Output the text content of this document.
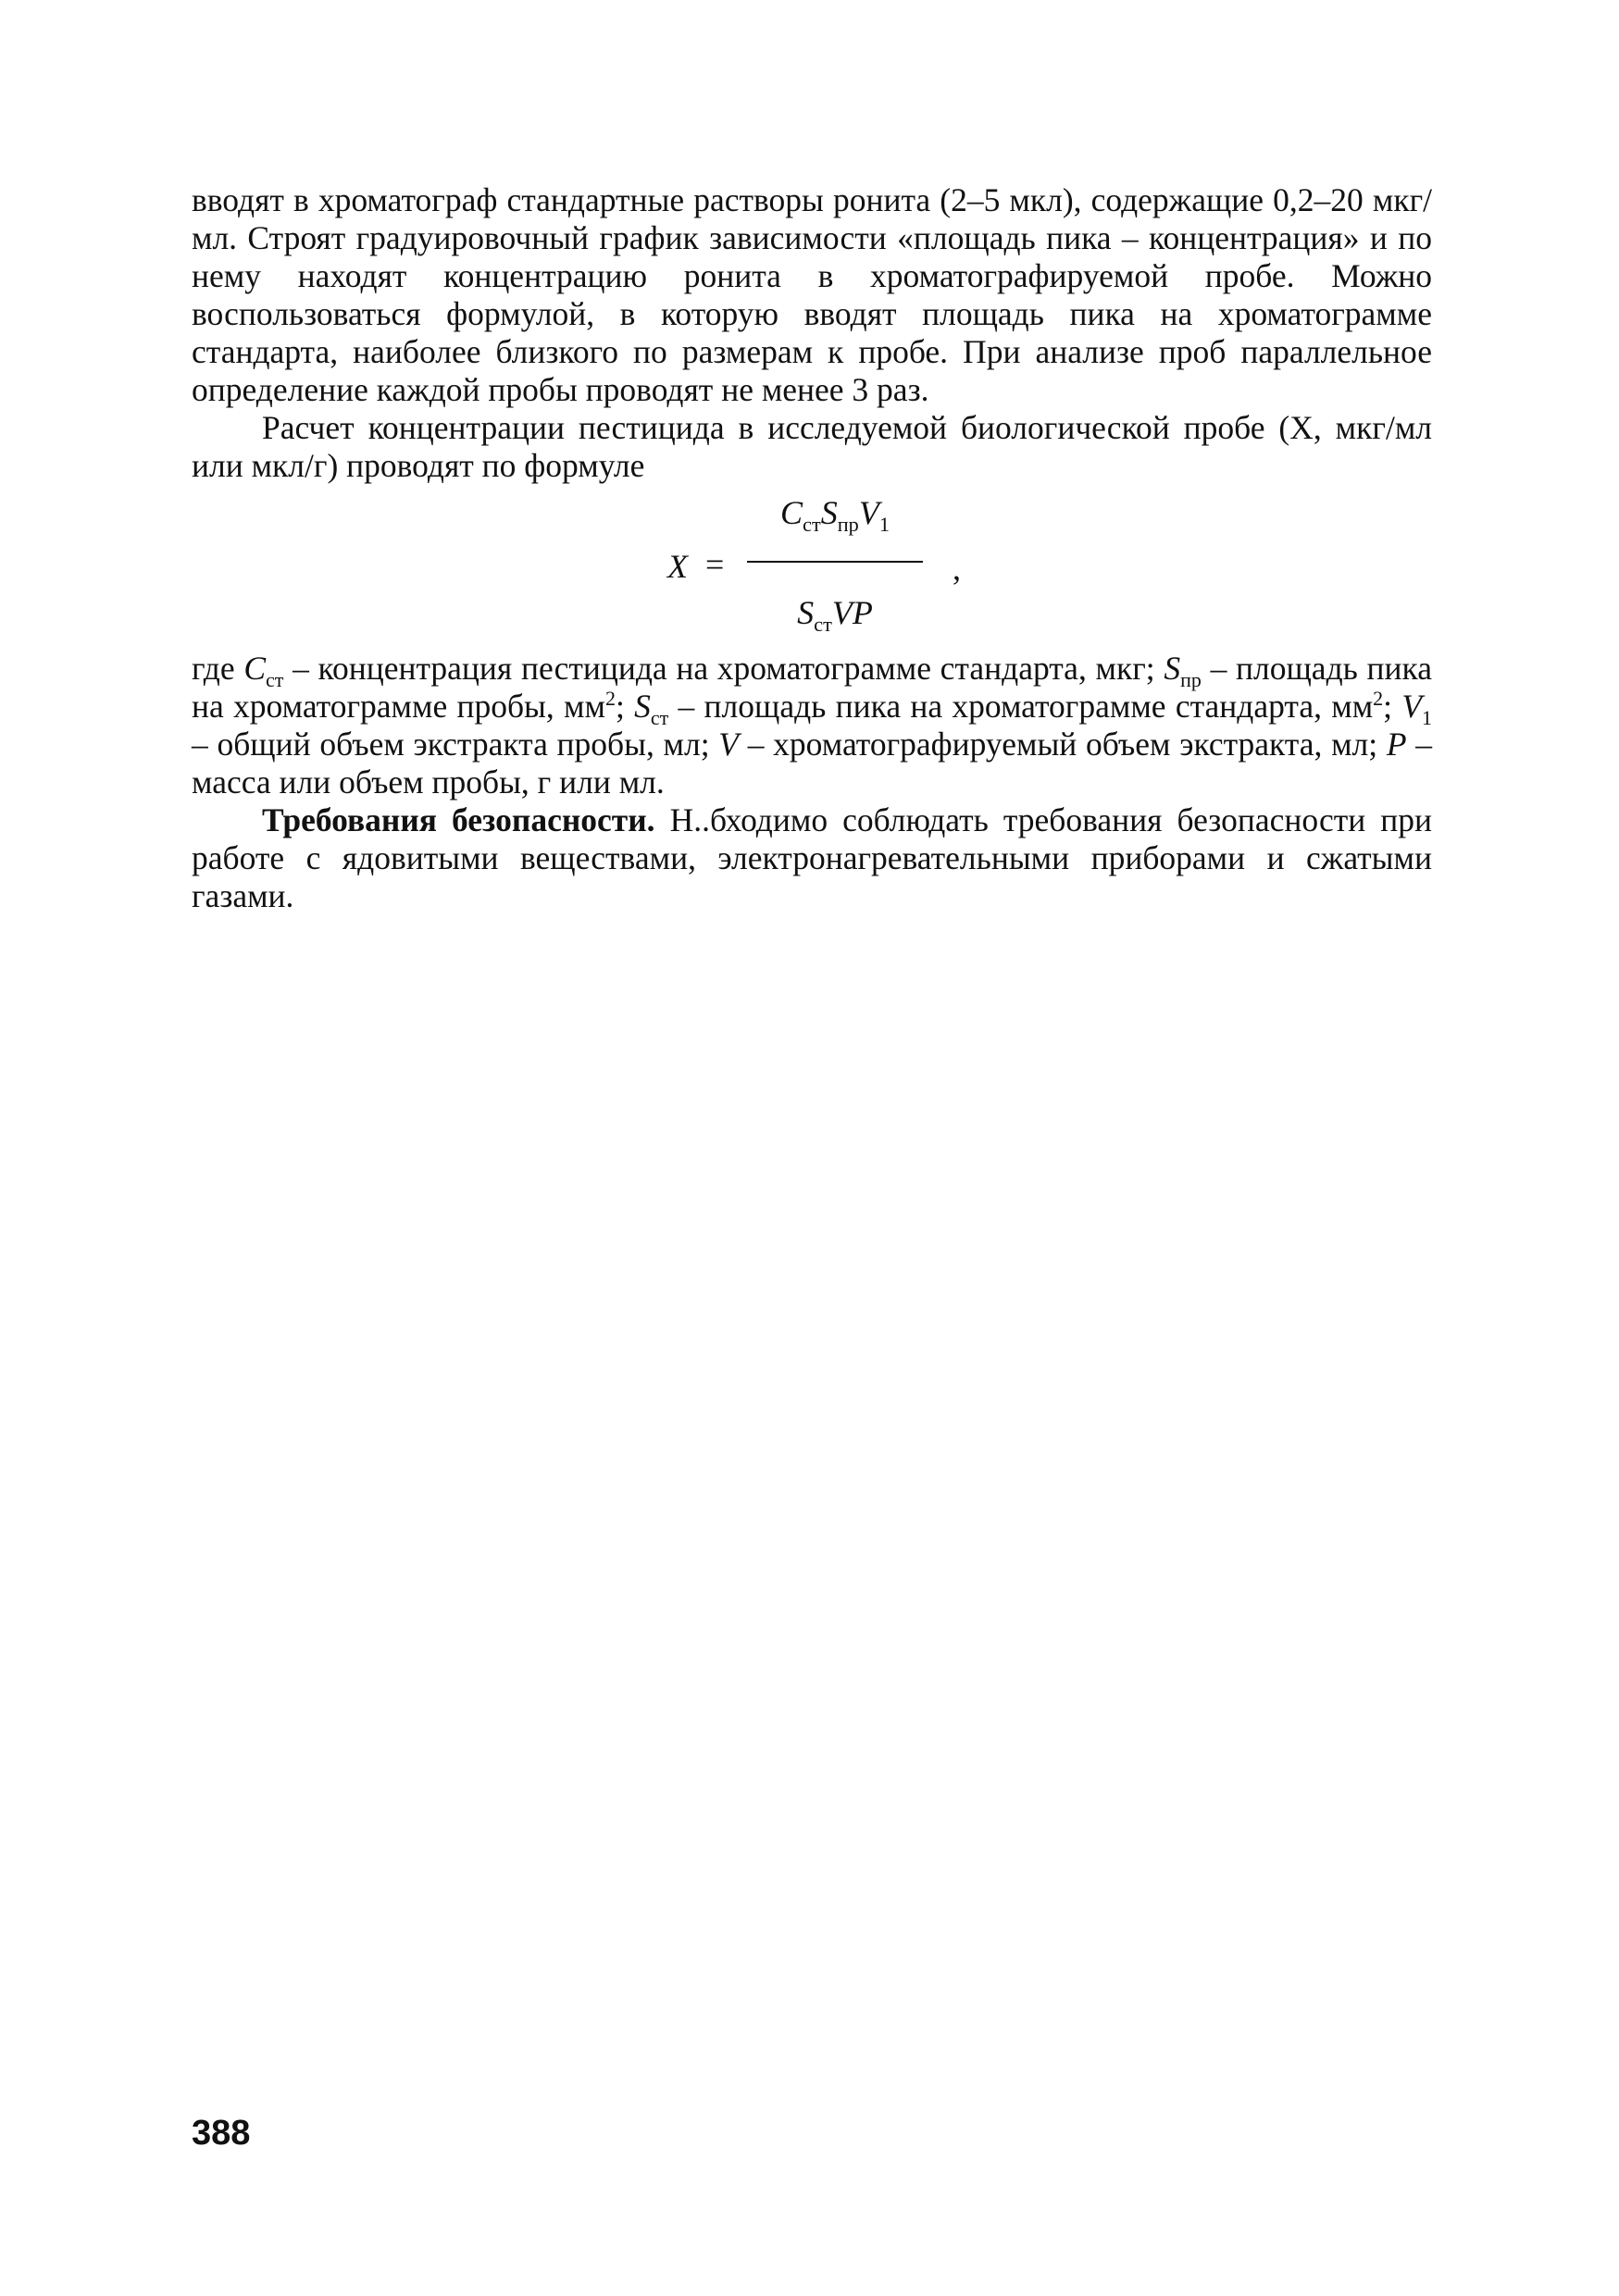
вводят в хроматограф стандартные растворы ронита (2–5 мкл), содержащие 0,2–20 мкг/мл. Строят градуировочный график зависимости «площадь пика – концентрация» и по нему находят концентрацию ронита в хроматографируемой пробе. Можно воспользоваться формулой, в которую вводят площадь пика на хроматограмме стандарта, наиболее близкого по размерам к пробе. При анализе проб параллельное определение каждой пробы проводят не менее 3 раз.

Расчет концентрации пестицида в исследуемой биологической пробе (X, мкг/мл или мкл/г) проводят по формуле

X =
$C_{ст}S_{пр}V_1$
$S_{ст}VP$
,

где $C_{ст}$ – концентрация пестицида на хроматограмме стандарта, мкг; $S_{пр}$ – площадь пика на хроматограмме пробы, $мм^2$; $S_{ст}$ – площадь пика на хроматограмме стандарта, $мм^2$; $V_1$ – общий объем экстракта пробы, мл; V – хроматографируемый объем экстракта, мл; P – масса или объем пробы, г или мл.

Требования безопасности. Н..бходимо соблюдать требования безопасности при работе с ядовитыми веществами, электронагревательными приборами и сжатыми газами.

388
